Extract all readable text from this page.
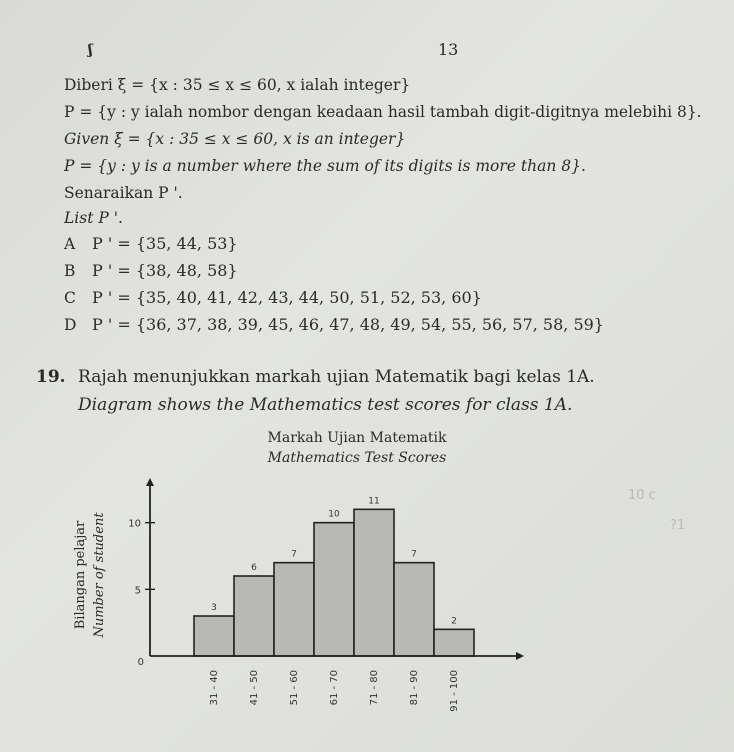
ʃ	13
Diberi ξ = {x : 35 ≤ x ≤ 60, x ialah integer}
P = {y : y ialah nombor dengan keadaan hasil tambah digit-digitnya melebihi 8}.
Given ξ = {x : 35 ≤ x ≤ 60, x is an integer}
P = {y : y is a number where the sum of its digits is more than 8}.
Senaraikan P '.
List P '.
A P ' = {35, 44, 53}
B P ' = {38, 48, 58}
C P ' = {35, 40, 41, 42, 43, 44, 50, 51, 52, 53, 60}
D P ' = {36, 37, 38, 39, 45, 46, 47, 48, 49, 54, 55, 56, 57, 58, 59}
19. Rajah menunjukkan markah ujian Matematik bagi kelas 1A.
Diagram shows the Mathematics test scores for class 1A.
Markah Ujian Matematik
Mathematics Test Scores
10 c
?1
3
31 - 40
6
41 - 50
7
51 - 60
10
61 - 70
11
71 - 80
7
81 - 90
2
91 - 100
0
5
10
Bilangan pelajar Number of student
